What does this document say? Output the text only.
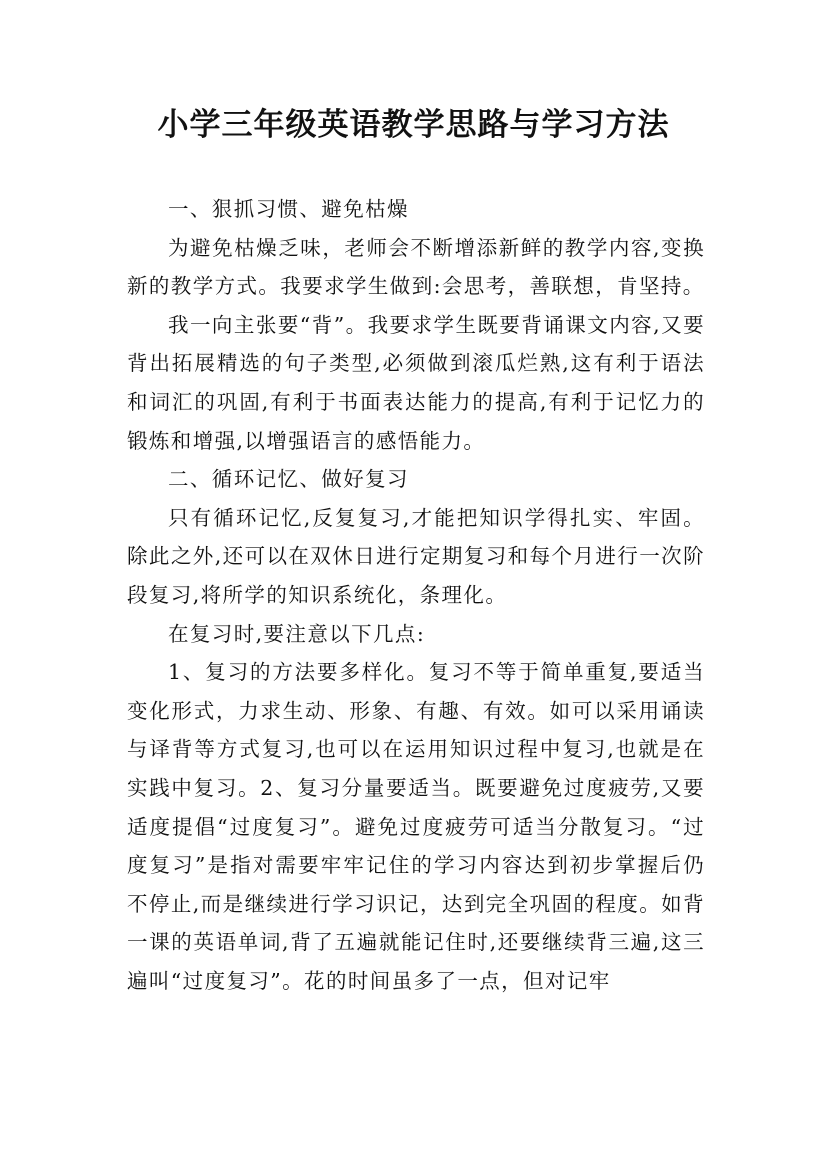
小学三年级英语教学思路与学习方法

一、狠抓习惯、避免枯燥

为避免枯燥乏味，老师会不断增添新鲜的教学内容,变换新的教学方式。我要求学生做到:会思考，善联想，肯坚持。

我一向主张要“背”。我要求学生既要背诵课文内容,又要背出拓展精选的句子类型,必须做到滚瓜烂熟,这有利于语法和词汇的巩固,有利于书面表达能力的提高,有利于记忆力的锻炼和增强,以增强语言的感悟能力。

二、循环记忆、做好复习

只有循环记忆,反复复习,才能把知识学得扎实、牢固。除此之外,还可以在双休日进行定期复习和每个月进行一次阶段复习,将所学的知识系统化，条理化。

在复习时,要注意以下几点:

1、复习的方法要多样化。复习不等于简单重复,要适当变化形式，力求生动、形象、有趣、有效。如可以采用诵读与译背等方式复习,也可以在运用知识过程中复习,也就是在实践中复习。2、复习分量要适当。既要避免过度疲劳,又要适度提倡“过度复习”。避免过度疲劳可适当分散复习。“过度复习”是指对需要牢牢记住的学习内容达到初步掌握后仍不停止,而是继续进行学习识记，达到完全巩固的程度。如背一课的英语单词,背了五遍就能记住时,还要继续背三遍,这三遍叫“过度复习”。花的时间虽多了一点，但对记牢
